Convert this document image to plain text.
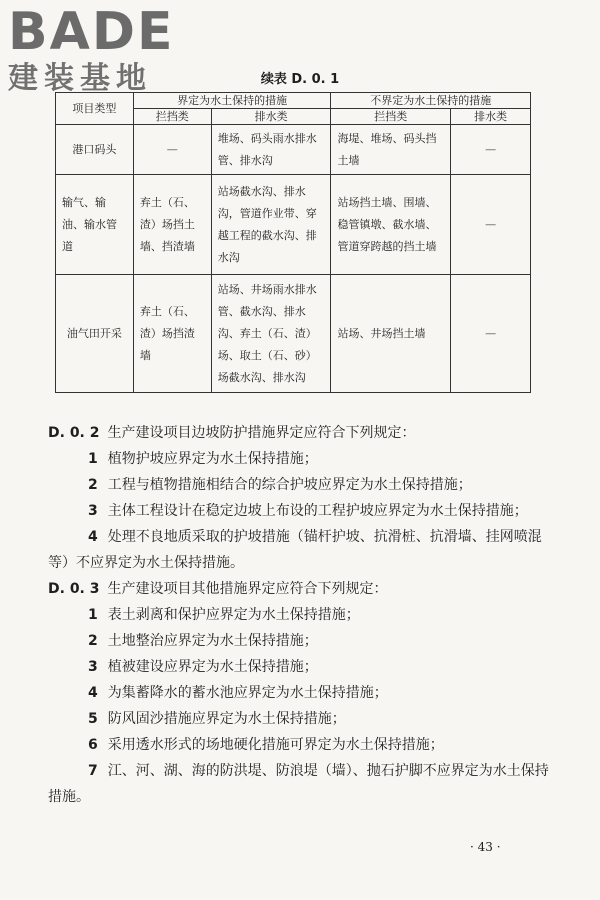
BADE
建装基地	续表 D. 0. 1
项目类型	界定为水土保持的措施		不界定为水土保持的措施	
	拦挡类	排水类	拦挡类	排水类
港口码头	—	堆场、码头雨水排水管、排水沟	海堤、堆场、码头挡土墙	—
输气、输油、输水管道	弃土（石、渣）场挡土墙、挡渣墙	站场截水沟、排水沟，管道作业带、穿越工程的截水沟、排水沟	站场挡土墙、围墙、稳管镇墩、截水墙、管道穿跨越的挡土墙	—
油气田开采	弃土（石、渣）场挡渣墙	站场、井场雨水排水管、截水沟、排水沟、弃土（石、渣）场、取土（石、砂）场截水沟、排水沟	站场、井场挡土墙	—

D. 0. 2 生产建设项目边坡防护措施界定应符合下列规定：

1 植物护坡应界定为水土保持措施；

2 工程与植物措施相结合的综合护坡应界定为水土保持措施；

3 主体工程设计在稳定边坡上布设的工程护坡应界定为水土保持措施；

4 处理不良地质采取的护坡措施（锚杆护坡、抗滑桩、抗滑墙、挂网喷混等）不应界定为水土保持措施。

D. 0. 3 生产建设项目其他措施界定应符合下列规定：

1 表土剥离和保护应界定为水土保持措施；

2 土地整治应界定为水土保持措施；

3 植被建设应界定为水土保持措施；

4 为集蓄降水的蓄水池应界定为水土保持措施；

5 防风固沙措施应界定为水土保持措施；

6 采用透水形式的场地硬化措施可界定为水土保持措施；

7 江、河、湖、海的防洪堤、防浪堤（墙）、抛石护脚不应界定为水土保持措施。

· 43 ·
